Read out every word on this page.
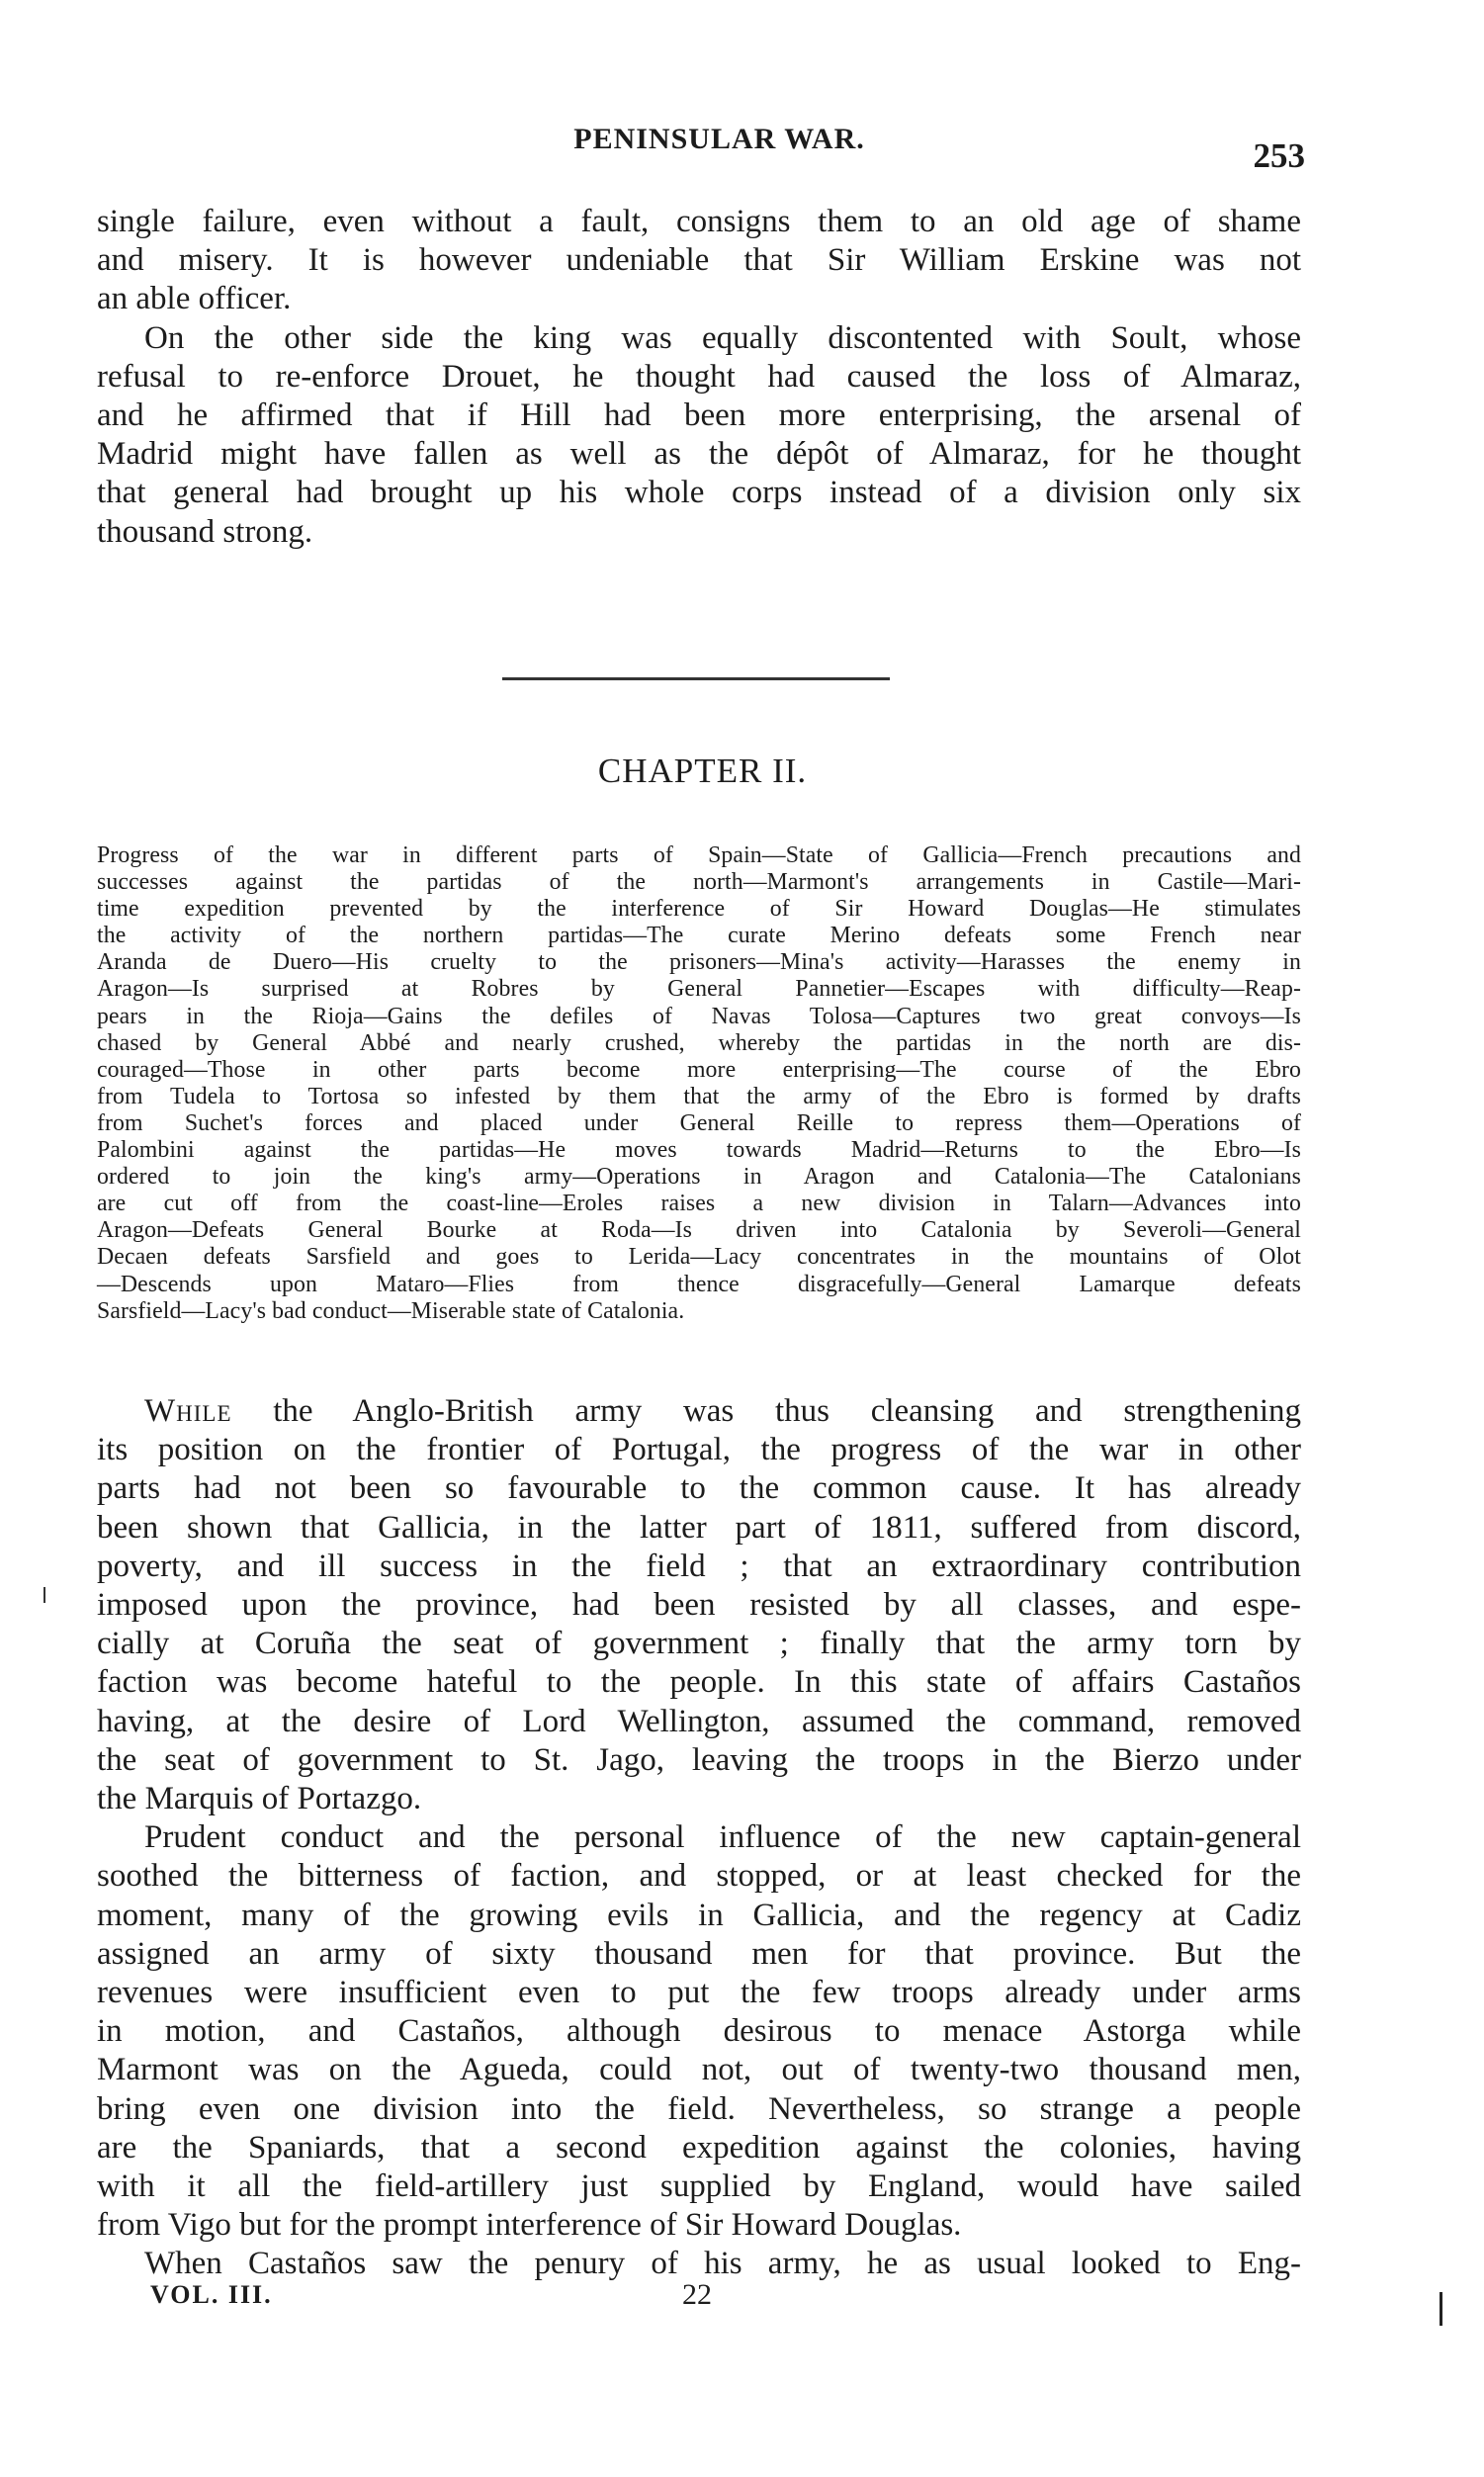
PENINSULAR WAR.	253
single failure, even without a fault, consigns them to an old age of shame
and misery. It is however undeniable that Sir William Erskine was not
an able officer.
On the other side the king was equally discontented with Soult, whose
refusal to re-enforce Drouet, he thought had caused the loss of Almaraz,
and he affirmed that if Hill had been more enterprising, the arsenal of
Madrid might have fallen as well as the dépôt of Almaraz, for he thought
that general had brought up his whole corps instead of a division only six
thousand strong.
CHAPTER II.
Progress of the war in different parts of Spain—State of Gallicia—French precautions and
successes against the partidas of the north—Marmont's arrangements in Castile—Mari-
time expedition prevented by the interference of Sir Howard Douglas—He stimulates
the activity of the northern partidas—The curate Merino defeats some French near
Aranda de Duero—His cruelty to the prisoners—Mina's activity—Harasses the enemy in
Aragon—Is surprised at Robres by General Pannetier—Escapes with difficulty—Reap-
pears in the Rioja—Gains the defiles of Navas Tolosa—Captures two great convoys—Is
chased by General Abbé and nearly crushed, whereby the partidas in the north are dis-
couraged—Those in other parts become more enterprising—The course of the Ebro
from Tudela to Tortosa so infested by them that the army of the Ebro is formed by drafts
from Suchet's forces and placed under General Reille to repress them—Operations of
Palombini against the partidas—He moves towards Madrid—Returns to the Ebro—Is
ordered to join the king's army—Operations in Aragon and Catalonia—The Catalonians
are cut off from the coast-line—Eroles raises a new division in Talarn—Advances into
Aragon—Defeats General Bourke at Roda—Is driven into Catalonia by Severoli—General
Decaen defeats Sarsfield and goes to Lerida—Lacy concentrates in the mountains of Olot
—Descends upon Mataro—Flies from thence disgracefully—General Lamarque defeats
Sarsfield—Lacy's bad conduct—Miserable state of Catalonia.
While the Anglo-British army was thus cleansing and strengthening
its position on the frontier of Portugal, the progress of the war in other
parts had not been so favourable to the common cause. It has already
been shown that Gallicia, in the latter part of 1811, suffered from discord,
poverty, and ill success in the field ; that an extraordinary contribution
imposed upon the province, had been resisted by all classes, and espe-
cially at Coruña the seat of government ; finally that the army torn by
faction was become hateful to the people. In this state of affairs Castaños
having, at the desire of Lord Wellington, assumed the command, removed
the seat of government to St. Jago, leaving the troops in the Bierzo under
the Marquis of Portazgo.
Prudent conduct and the personal influence of the new captain-general
soothed the bitterness of faction, and stopped, or at least checked for the
moment, many of the growing evils in Gallicia, and the regency at Cadiz
assigned an army of sixty thousand men for that province. But the
revenues were insufficient even to put the few troops already under arms
in motion, and Castaños, although desirous to menace Astorga while
Marmont was on the Agueda, could not, out of twenty-two thousand men,
bring even one division into the field. Nevertheless, so strange a people
are the Spaniards, that a second expedition against the colonies, having
with it all the field-artillery just supplied by England, would have sailed
from Vigo but for the prompt interference of Sir Howard Douglas.
When Castaños saw the penury of his army, he as usual looked to Eng-
VOL. III.	22
